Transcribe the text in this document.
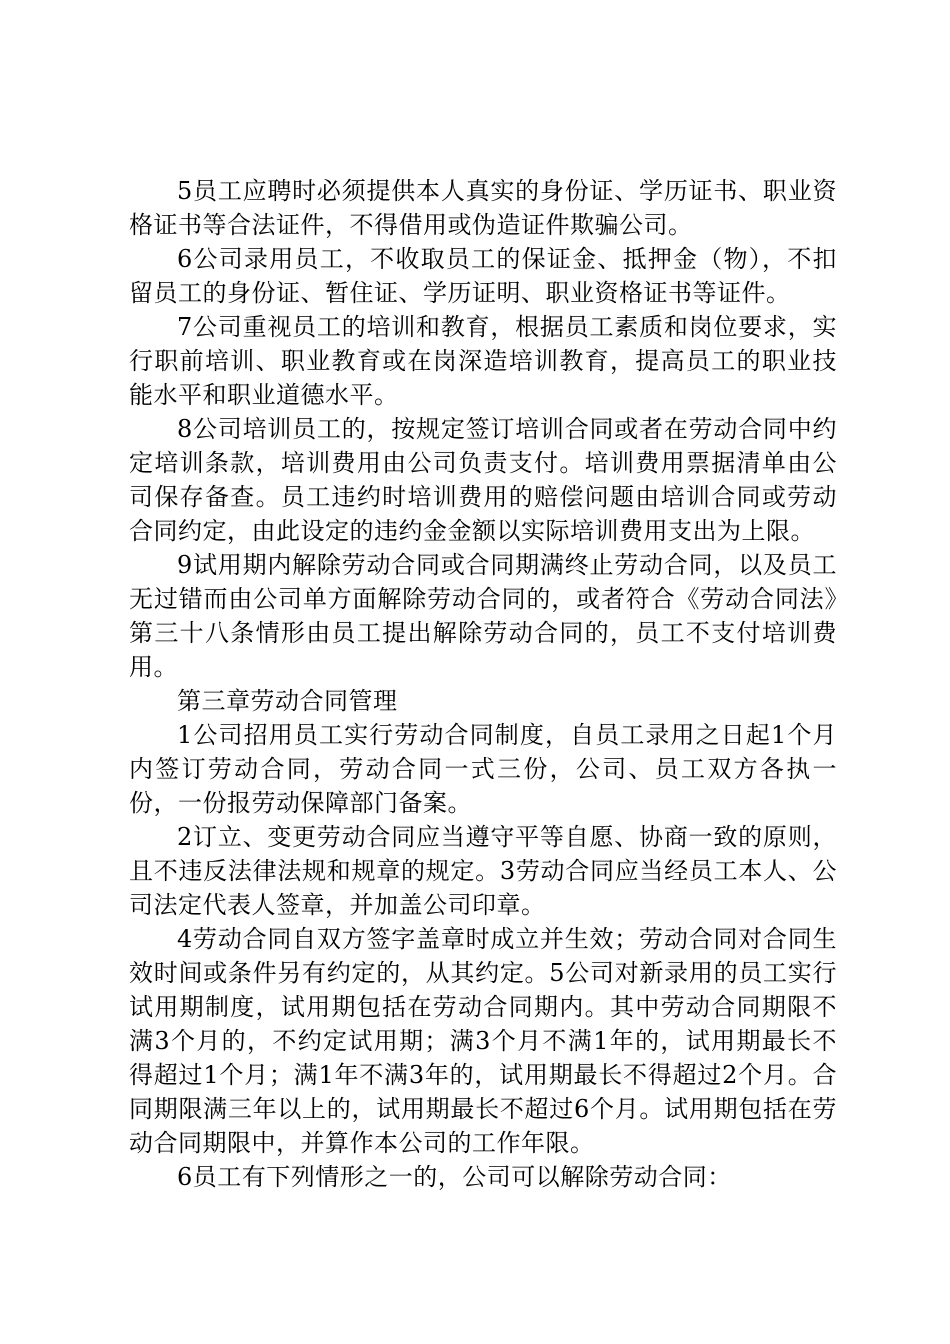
5员工应聘时必须提供本人真实的身份证、学历证书、职业资格证书等合法证件，不得借用或伪造证件欺骗公司。

6公司录用员工，不收取员工的保证金、抵押金（物），不扣留员工的身份证、暂住证、学历证明、职业资格证书等证件。

7公司重视员工的培训和教育，根据员工素质和岗位要求，实行职前培训、职业教育或在岗深造培训教育，提高员工的职业技能水平和职业道德水平。

8公司培训员工的，按规定签订培训合同或者在劳动合同中约定培训条款，培训费用由公司负责支付。培训费用票据清单由公司保存备查。员工违约时培训费用的赔偿问题由培训合同或劳动合同约定，由此设定的违约金金额以实际培训费用支出为上限。

9试用期内解除劳动合同或合同期满终止劳动合同，以及员工无过错而由公司单方面解除劳动合同的，或者符合《劳动合同法》第三十八条情形由员工提出解除劳动合同的，员工不支付培训费用。

第三章劳动合同管理

1公司招用员工实行劳动合同制度，自员工录用之日起1个月内签订劳动合同，劳动合同一式三份，公司、员工双方各执一份，一份报劳动保障部门备案。

2订立、变更劳动合同应当遵守平等自愿、协商一致的原则，且不违反法律法规和规章的规定。3劳动合同应当经员工本人、公司法定代表人签章，并加盖公司印章。

4劳动合同自双方签字盖章时成立并生效；劳动合同对合同生效时间或条件另有约定的，从其约定。5公司对新录用的员工实行试用期制度，试用期包括在劳动合同期内。其中劳动合同期限不满3个月的，不约定试用期；满3个月不满1年的，试用期最长不得超过1个月；满1年不满3年的，试用期最长不得超过2个月。合同期限满三年以上的，试用期最长不超过6个月。试用期包括在劳动合同期限中，并算作本公司的工作年限。

6员工有下列情形之一的，公司可以解除劳动合同：
